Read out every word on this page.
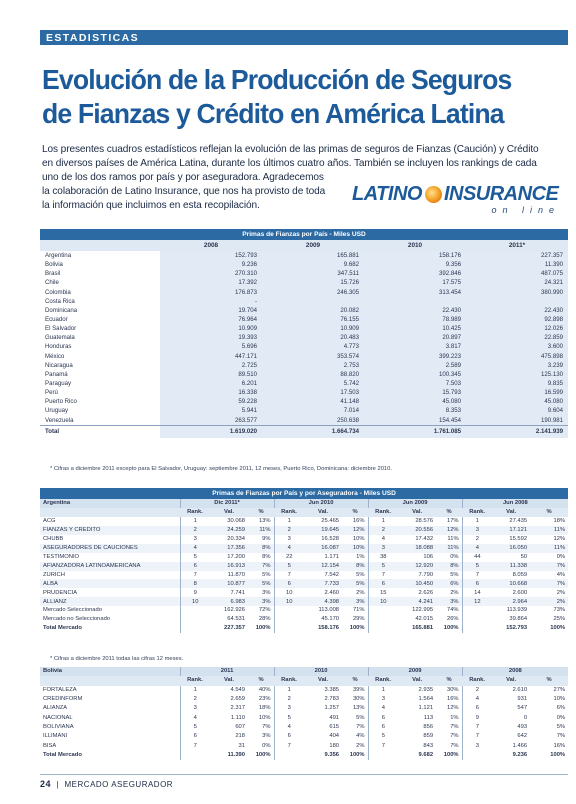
ESTADISTICAS
Evolución de la Producción de Seguros
de Fianzas y Crédito en América Latina

Los presentes cuadros estadísticos reflejan la evolución de las primas de seguros de Fianzas (Caución) y Crédito

en diversos países de América Latina, durante los últimos cuatro años. También se incluyen los rankings de cada

uno de los dos ramos por país y por aseguradora. Agradecemos

la colaboración de Latino Insurance, que nos ha provisto de toda

la información que incluimos en esta recopilación.

LATINO INSURANCE
on line
Primas de Fianzas por País - Miles USD
	2008	2009	2010	2011*
Argentina	152.793	165.881	158.176	227.357
Bolivia	9.236	9.682	9.356	11.390
Brasil	270.310	347.511	392.846	487.075
Chile	17.392	15.726	17.575	24.321
Colombia	176.873	246.305	313.454	380.990
Costa Rica	-			
Dominicana	19.704	20.082	22.430	22.430
Ecuador	76.964	76.155	78.989	92.898
El Salvador	10.909	10.909	10.425	12.026
Guatemala	19.393	20.483	20.897	22.859
Honduras	5.696	4.773	3.817	3.600
México	447.171	353.574	399.223	475.898
Nicaragua	2.725	2.753	2.589	3.239
Panamá	89.510	88.820	100.345	125.130
Paraguay	6.201	5.742	7.503	9.835
Perú	16.338	17.503	15.793	16.599
Puerto Rico	59.228	41.148	45.080	45.080
Uruguay	5.941	7.014	8.353	9.604
Venezuela	263.577	250.638	154.454	190.981
Total	1.619.020	1.664.734	1.761.085	2.141.939
* Cifras a diciembre 2011 excepto para El Salvador, Uruguay: septiembre 2011, 12 meses, Puerto Rico, Dominicana: diciembre 2010.
Primas de Fianzas por País y por Aseguradora - Miles USD
Argentina	Dic 2011*			Jun 2010			Jun 2009			Jun 2008		
	Rank.	Val.	%	Rank.	Val.	%	Rank.	Val.	%	Rank.	Val.	%
ACG	1	30.068	13%	1	25.465	16%	1	28.576	17%	1	27.435	18%
FIANZAS Y CREDITO	2	24.259	11%	2	19.645	12%	2	20.556	12%	3	17.121	11%
CHUBB	3	20.334	9%	3	16.528	10%	4	17.432	11%	2	15.592	12%
ASEGURADORES DE CAUCIONES	4	17.356	8%	4	16.087	10%	3	18.088	11%	4	16.050	11%
TESTIMONIO	5	17.200	8%	22	1.171	1%	38	106	0%	44	50	0%
AFIANZADORA LATINOAMERICANA	6	16.913	7%	5	12.154	8%	5	12.920	8%	5	11.338	7%
ZURICH	7	11.870	5%	7	7.542	5%	7	7.790	5%	7	8.059	4%
ALBA	8	10.877	5%	6	7.733	5%	6	10.450	6%	6	10.668	7%
PRUDENCIA	9	7.741	3%	10	2.460	2%	15	2.626	2%	14	2.600	2%
ALLIANZ	10	6.983	3%	10	4.398	3%	10	4.241	3%	12	2.964	2%
Mercado Seleccionado		162.926	72%		113.008	71%		122.995	74%		113.939	73%
Mercado no Seleccionado		64.531	28%		45.170	29%		42.015	26%		39.864	25%
Total Mercado		227.357	100%		158.176	100%		165.881	100%		152.793	100%
* Cifras a diciembre 2011 todas las cifras 12 meses.
Bolivia	2011			2010			2009			2008		
	Rank.	Val.	%	Rank.	Val.	%	Rank.	Val.	%	Rank.	Val.	%
FORTALEZA	1	4.549	40%	1	3.385	39%	1	2.935	30%	2	2.610	27%
CREDINFORM	2	2.659	23%	2	2.783	30%	3	1.564	16%	4	931	10%
ALIANZA	3	2.317	18%	3	1.257	13%	4	1.121	12%	6	547	6%
NACIONAL	4	1.110	10%	5	491	5%	6	113	1%	9	0	0%
BOLIVIANA	5	607	7%	4	615	7%	6	856	7%	7	493	5%
ILLIMANI	6	218	3%	6	404	4%	5	859	7%	7	642	7%
BISA	7	31	0%	7	180	2%	7	843	7%	3	1.466	16%
Total Mercado		11.390	100%		9.356	100%		9.682	100%		9.236	100%
24  |  MERCADO ASEGURADOR
